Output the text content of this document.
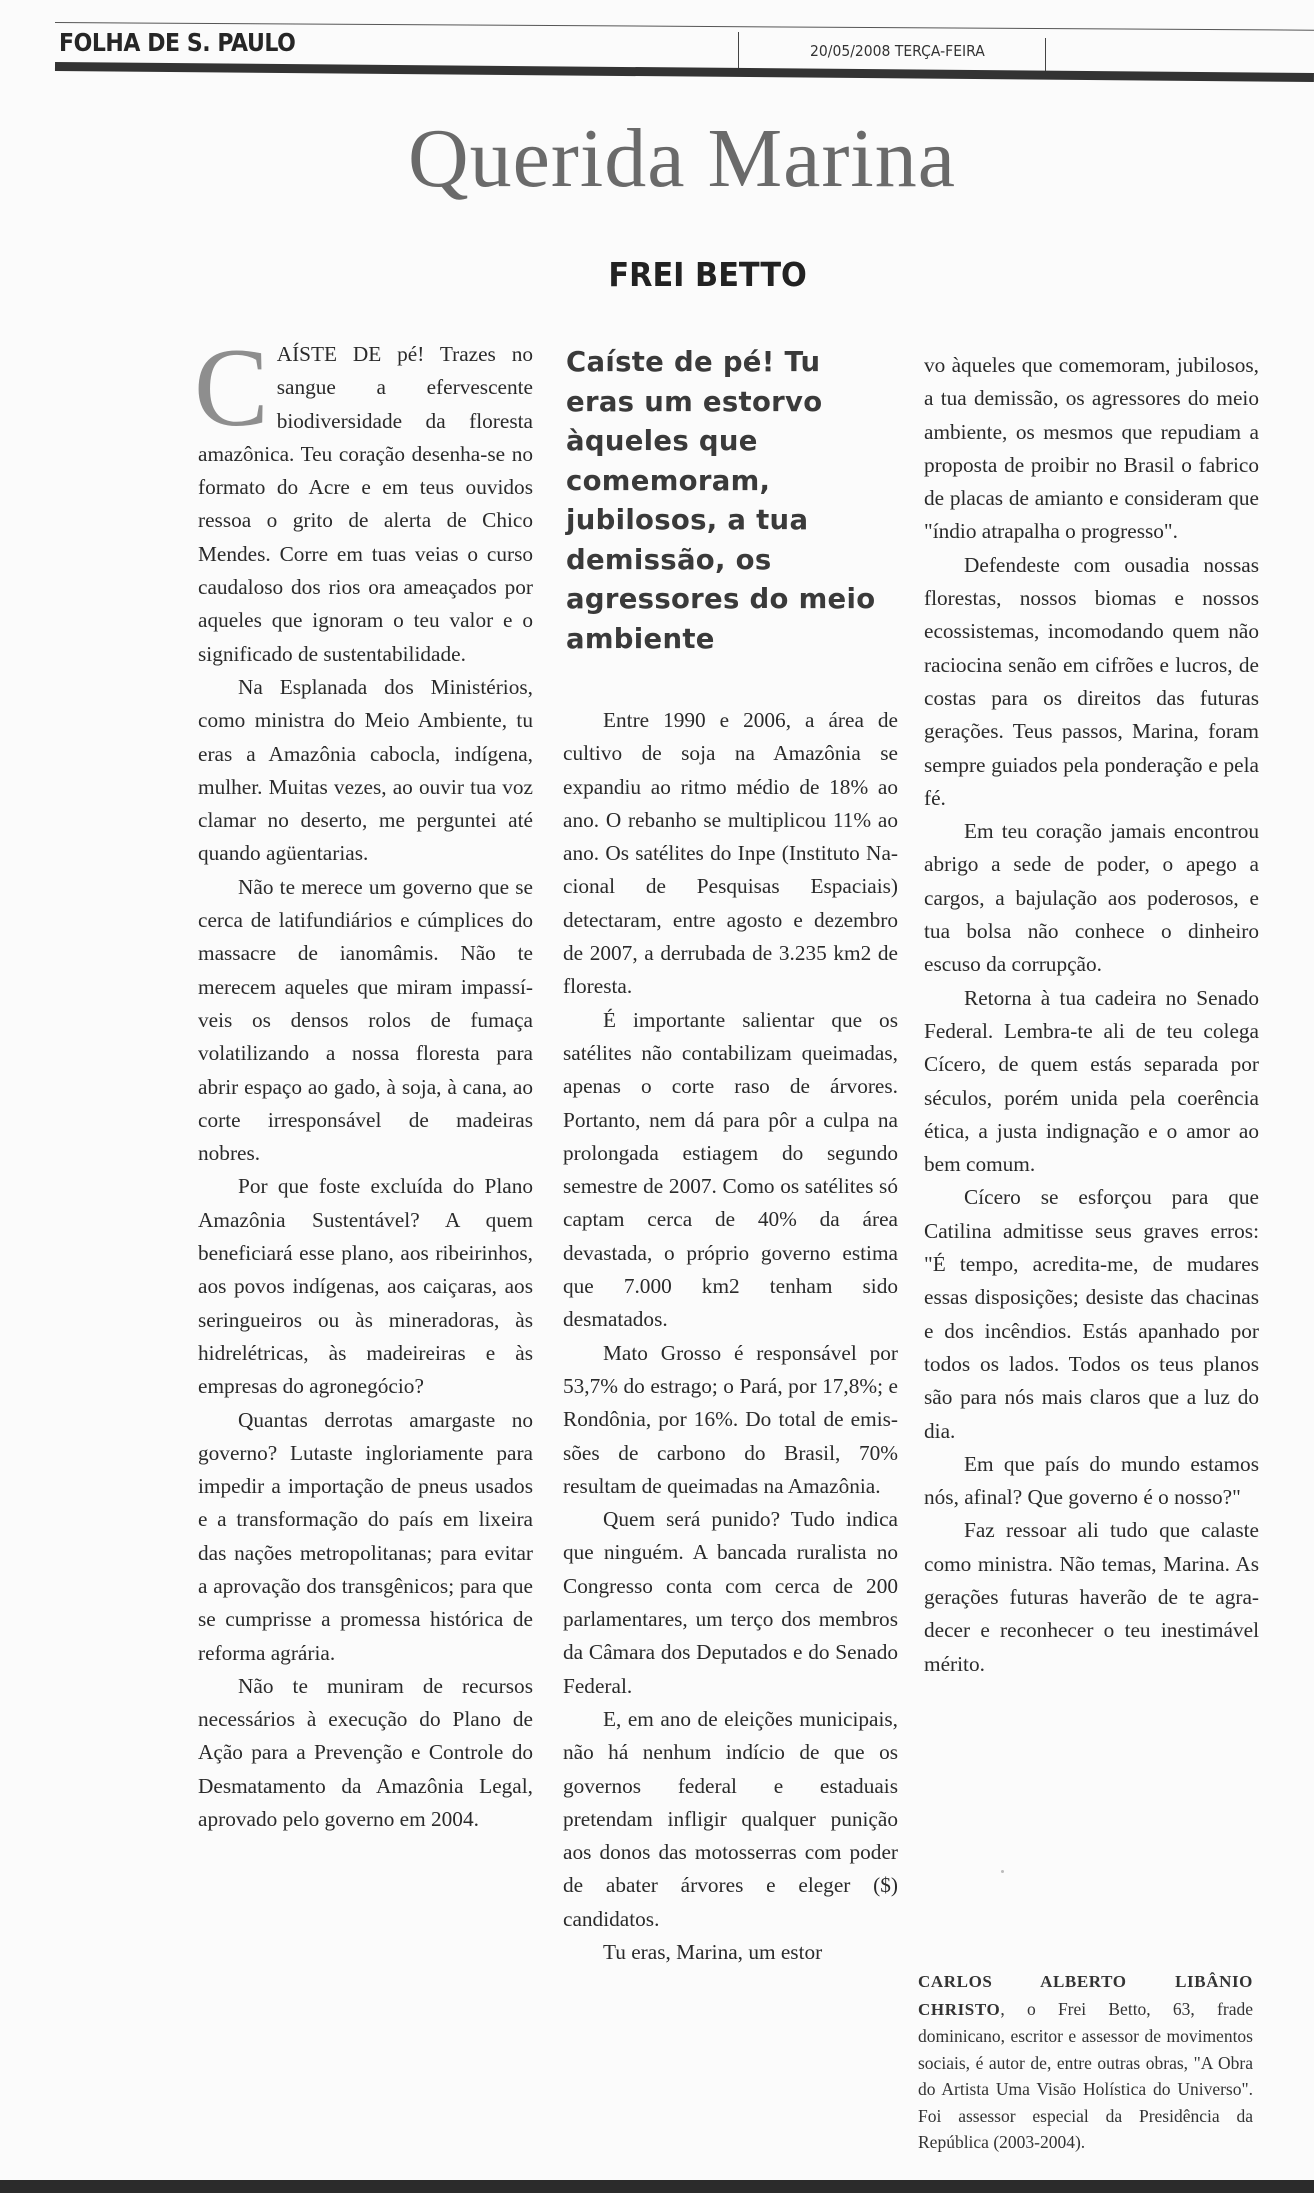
FOLHA DE S. PAULO	20/05/2008 TERÇA-FEIRA
Querida Marina
FREI BETTO

CAÍSTE DE pé! Trazes no sangue a efervescente biodiversidade da floresta amazônica. Teu coração desenha-se no formato do Acre e em teus ouvidos ressoa o grito de alerta de Chico Mendes. Corre em tuas veias o curso caudaloso dos rios ora ameaçados por aqueles que ignoram o teu valor e o significado de sustentabilidade.

Na Esplanada dos Ministérios, como ministra do Meio Ambiente, tu eras a Amazônia cabocla, indígena, mulher. Muitas vezes, ao ouvir tua voz clamar no deserto, me perguntei até quando agüentarias.

Não te merece um governo que se cerca de latifundiários e cúmplices do massacre de ianomâmis. Não te merecem aqueles que miram impassíveis os densos rolos de fumaça volatilizando a nossa floresta para abrir espaço ao gado, à soja, à cana, ao corte irresponsável de madeiras nobres.

Por que foste excluída do Plano Amazônia Sustentável? A quem beneficiará esse plano, aos ribeirinhos, aos povos indígenas, aos caiçaras, aos seringueiros ou às mineradoras, às hidrelétricas, às madeireiras e às empresas do agronegócio?

Quantas derrotas amargaste no governo? Lutaste ingloriamente para impedir a importação de pneus usados e a transformação do país em lixeira das nações metropolitanas; para evitar a aprovação dos transgênicos; para que se cumprisse a promessa histórica de reforma agrária.

Não te muniram de recursos necessários à execução do Plano de Ação para a Prevenção e Controle do Desmatamento da Amazônia Legal, aprovado pelo governo em 2004.

Caíste de pé! Tu eras um estorvo àqueles que comemoram, jubilosos, a tua demissão, os agressores do meio ambiente

Entre 1990 e 2006, a área de cultivo de soja na Amazônia se expandiu ao ritmo médio de 18% ao ano. O rebanho se multiplicou 11% ao ano. Os satélites do Inpe (Instituto Nacional de Pesquisas Espaciais) detectaram, entre agosto e dezembro de 2007, a derrubada de 3.235 km2 de floresta.

É importante salientar que os satélites não contabilizam queimadas, apenas o corte raso de árvores. Portanto, nem dá para pôr a culpa na prolongada estiagem do segundo semestre de 2007. Como os satélites só captam cerca de 40% da área devastada, o próprio governo estima que 7.000 km2 tenham sido desmatados.

Mato Grosso é responsável por 53,7% do estrago; o Pará, por 17,8%; e Rondônia, por 16%. Do total de emissões de carbono do Brasil, 70% resultam de queimadas na Amazônia.

Quem será punido? Tudo indica que ninguém. A bancada ruralista no Congresso conta com cerca de 200 parlamentares, um terço dos membros da Câmara dos Deputados e do Senado Federal.

E, em ano de eleições municipais, não há nenhum indício de que os governos federal e estaduais pretendam infligir qualquer punição aos donos das motosserras com poder de abater árvores e eleger ($) candidatos.

Tu eras, Marina, um estor

vo àqueles que comemoram, jubilosos, a tua demissão, os agressores do meio ambiente, os mesmos que repudiam a proposta de proibir no Brasil o fabrico de placas de amianto e consideram que "índio atrapalha o progresso".

Defendeste com ousadia nossas florestas, nossos biomas e nossos ecossistemas, incomodando quem não raciocina senão em cifrões e lucros, de costas para os direitos das futuras gerações. Teus passos, Marina, foram sempre guiados pela ponderação e pela fé.

Em teu coração jamais encontrou abrigo a sede de poder, o apego a cargos, a bajulação aos poderosos, e tua bolsa não conhece o dinheiro escuso da corrupção.

Retorna à tua cadeira no Senado Federal. Lembra-te ali de teu colega Cícero, de quem estás separada por séculos, porém unida pela coerência ética, a justa indignação e o amor ao bem comum.

Cícero se esforçou para que Catilina admitisse seus graves erros: "É tempo, acredita-me, de mudares essas disposições; desiste das chacinas e dos incêndios. Estás apanhado por todos os lados. Todos os teus planos são para nós mais claros que a luz do dia.

Em que país do mundo estamos nós, afinal? Que governo é o nosso?"

Faz ressoar ali tudo que calaste como ministra. Não temas, Marina. As gerações futuras haverão de te agradecer e reconhecer o teu inestimável mérito.

CARLOS ALBERTO LIBÂNIO CHRISTO, o Frei Betto, 63, frade dominicano, escritor e assessor de movimentos sociais, é autor de, entre outras obras, "A Obra do Artista Uma Visão Holística do Universo". Foi assessor especial da Presidência da República (2003-2004).
